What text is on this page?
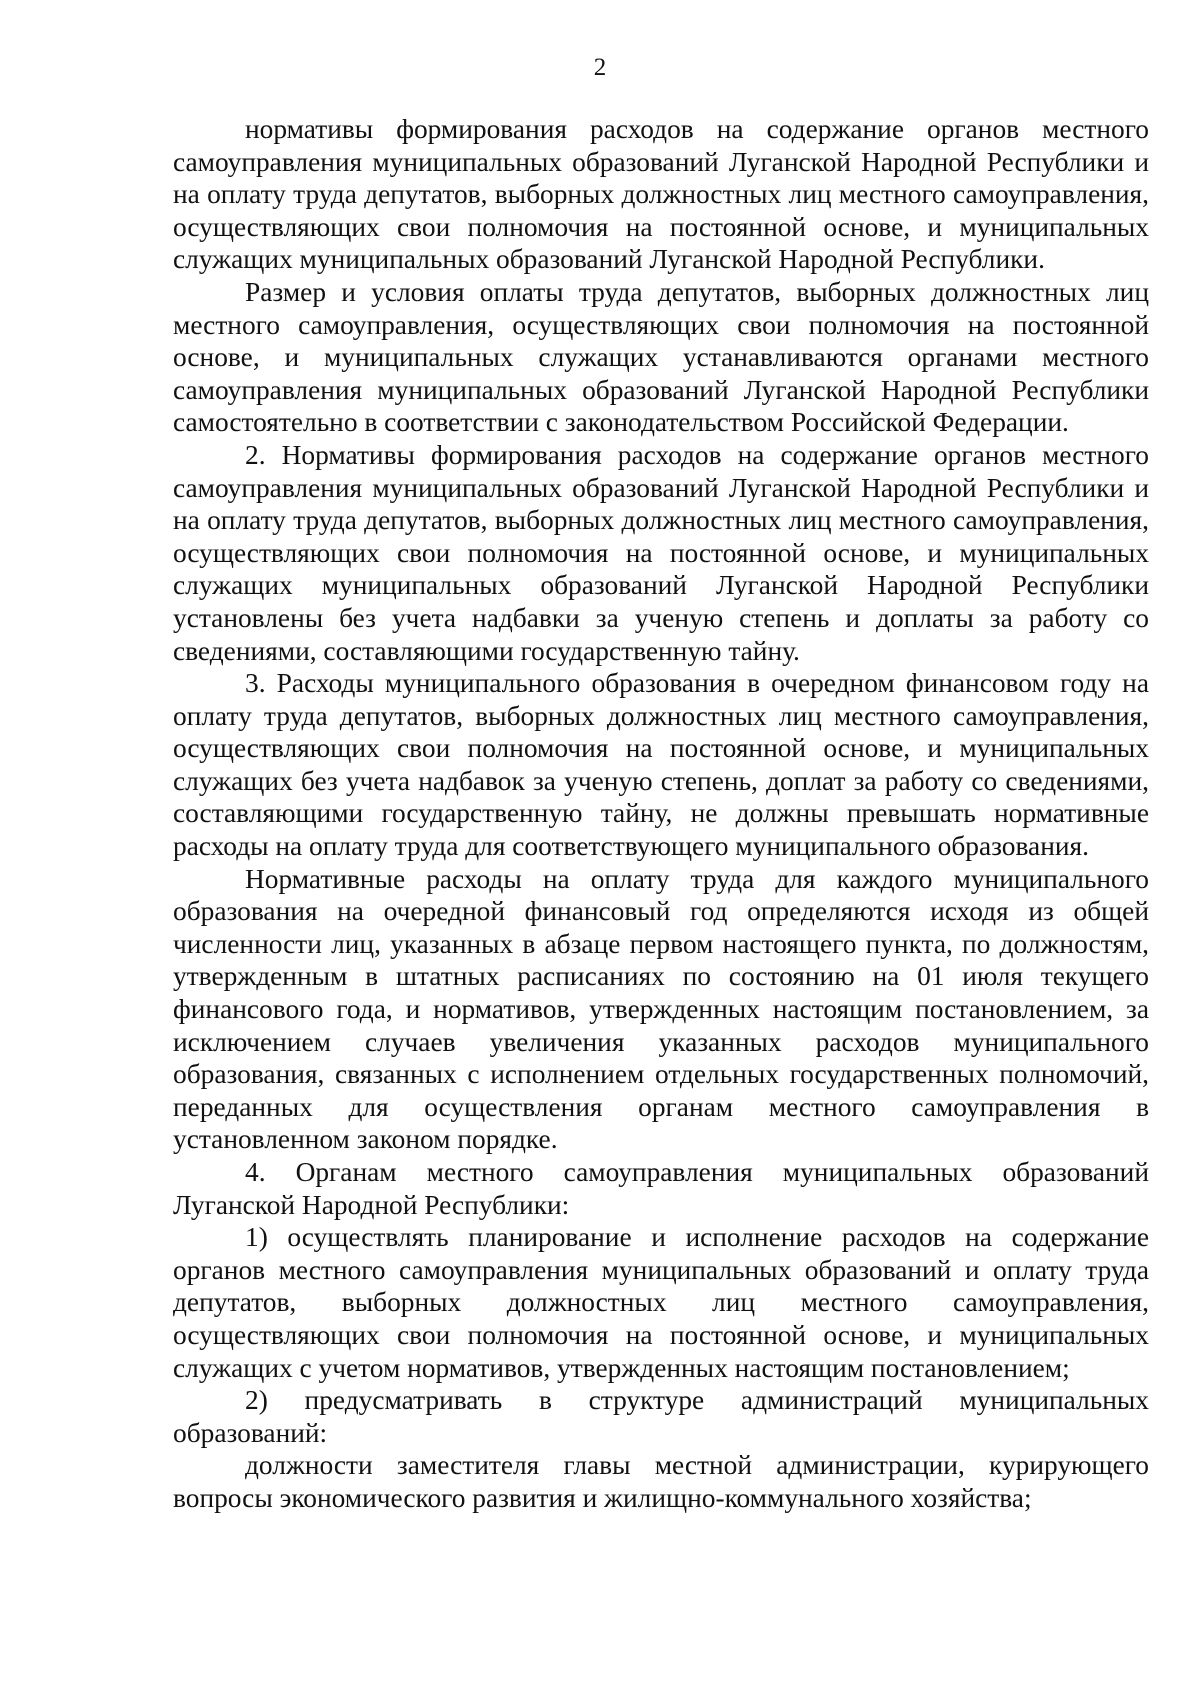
2

нормативы формирования расходов на содержание органов местного самоуправления муниципальных образований Луганской Народной Республики и на оплату труда депутатов, выборных должностных лиц местного самоуправления, осуществляющих свои полномочия на постоянной основе, и муниципальных служащих муниципальных образований Луганской Народной Республики.

Размер и условия оплаты труда депутатов, выборных должностных лиц местного самоуправления, осуществляющих свои полномочия на постоянной основе, и муниципальных служащих устанавливаются органами местного самоуправления муниципальных образований Луганской Народной Республики самостоятельно в соответствии с законодательством Российской Федерации.

2. Нормативы формирования расходов на содержание органов местного самоуправления муниципальных образований Луганской Народной Республики и на оплату труда депутатов, выборных должностных лиц местного самоуправления, осуществляющих свои полномочия на постоянной основе, и муниципальных служащих муниципальных образований Луганской Народной Республики установлены без учета надбавки за ученую степень и доплаты за работу со сведениями, составляющими государственную тайну.

3. Расходы муниципального образования в очередном финансовом году на оплату труда депутатов, выборных должностных лиц местного самоуправления, осуществляющих свои полномочия на постоянной основе, и муниципальных служащих без учета надбавок за ученую степень, доплат за работу со сведениями, составляющими государственную тайну, не должны превышать нормативные расходы на оплату труда для соответствующего муниципального образования.

Нормативные расходы на оплату труда для каждого муниципального образования на очередной финансовый год определяются исходя из общей численности лиц, указанных в абзаце первом настоящего пункта, по должностям, утвержденным в штатных расписаниях по состоянию на 01 июля текущего финансового года, и нормативов, утвержденных настоящим постановлением, за исключением случаев увеличения указанных расходов муниципального образования, связанных с исполнением отдельных государственных полномочий, переданных для осуществления органам местного самоуправления в установленном законом порядке.

4. Органам местного самоуправления муниципальных образований Луганской Народной Республики:

1) осуществлять планирование и исполнение расходов на содержание органов местного самоуправления муниципальных образований и оплату труда депутатов, выборных должностных лиц местного самоуправления, осуществляющих свои полномочия на постоянной основе, и муниципальных служащих с учетом нормативов, утвержденных настоящим постановлением;

2) предусматривать в структуре администраций муниципальных образований:

должности заместителя главы местной администрации, курирующего вопросы экономического развития и жилищно-коммунального хозяйства;
